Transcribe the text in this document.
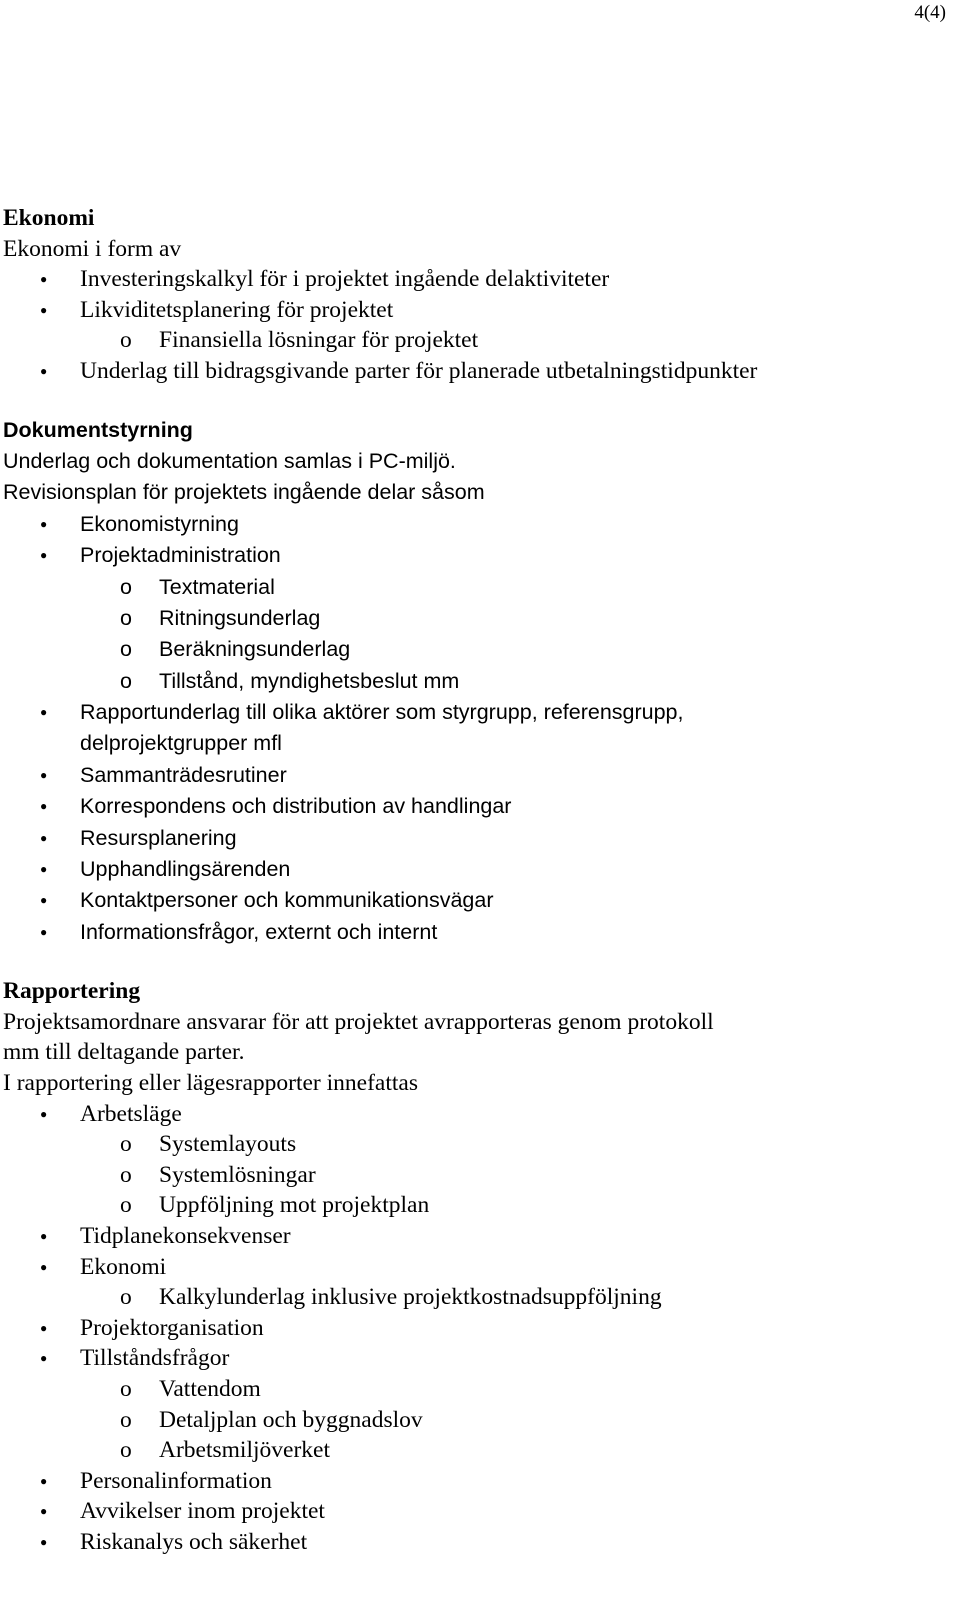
4(4)
Ekonomi
Ekonomi i form av
● Investeringskalkyl för i projektet ingående delaktiviteter
● Likviditetsplanering för projektet
o Finansiella lösningar för projektet
● Underlag till bidragsgivande parter för planerade utbetalningstidpunkter
Dokumentstyrning
Underlag och dokumentation samlas i PC-miljö.
Revisionsplan för projektets ingående delar såsom
● Ekonomistyrning
● Projektadministration
o Textmaterial
o Ritningsunderlag
o Beräkningsunderlag
o Tillstånd, myndighetsbeslut mm
● Rapportunderlag till olika aktörer som styrgrupp, referensgrupp,
delprojektgrupper mfl
● Sammanträdesrutiner
● Korrespondens och distribution av handlingar
● Resursplanering
● Upphandlingsärenden
● Kontaktpersoner och kommunikationsvägar
● Informationsfrågor, externt och internt
Rapportering
Projektsamordnare ansvarar för att projektet avrapporteras genom protokoll
mm till deltagande parter.
I rapportering eller lägesrapporter innefattas
● Arbetsläge
o Systemlayouts
o Systemlösningar
o Uppföljning mot projektplan
● Tidplanekonsekvenser
● Ekonomi
o Kalkylunderlag inklusive projektkostnadsuppföljning
● Projektorganisation
● Tillståndsfrågor
o Vattendom
o Detaljplan och byggnadslov
o Arbetsmiljöverket
● Personalinformation
● Avvikelser inom projektet
● Riskanalys och säkerhet
